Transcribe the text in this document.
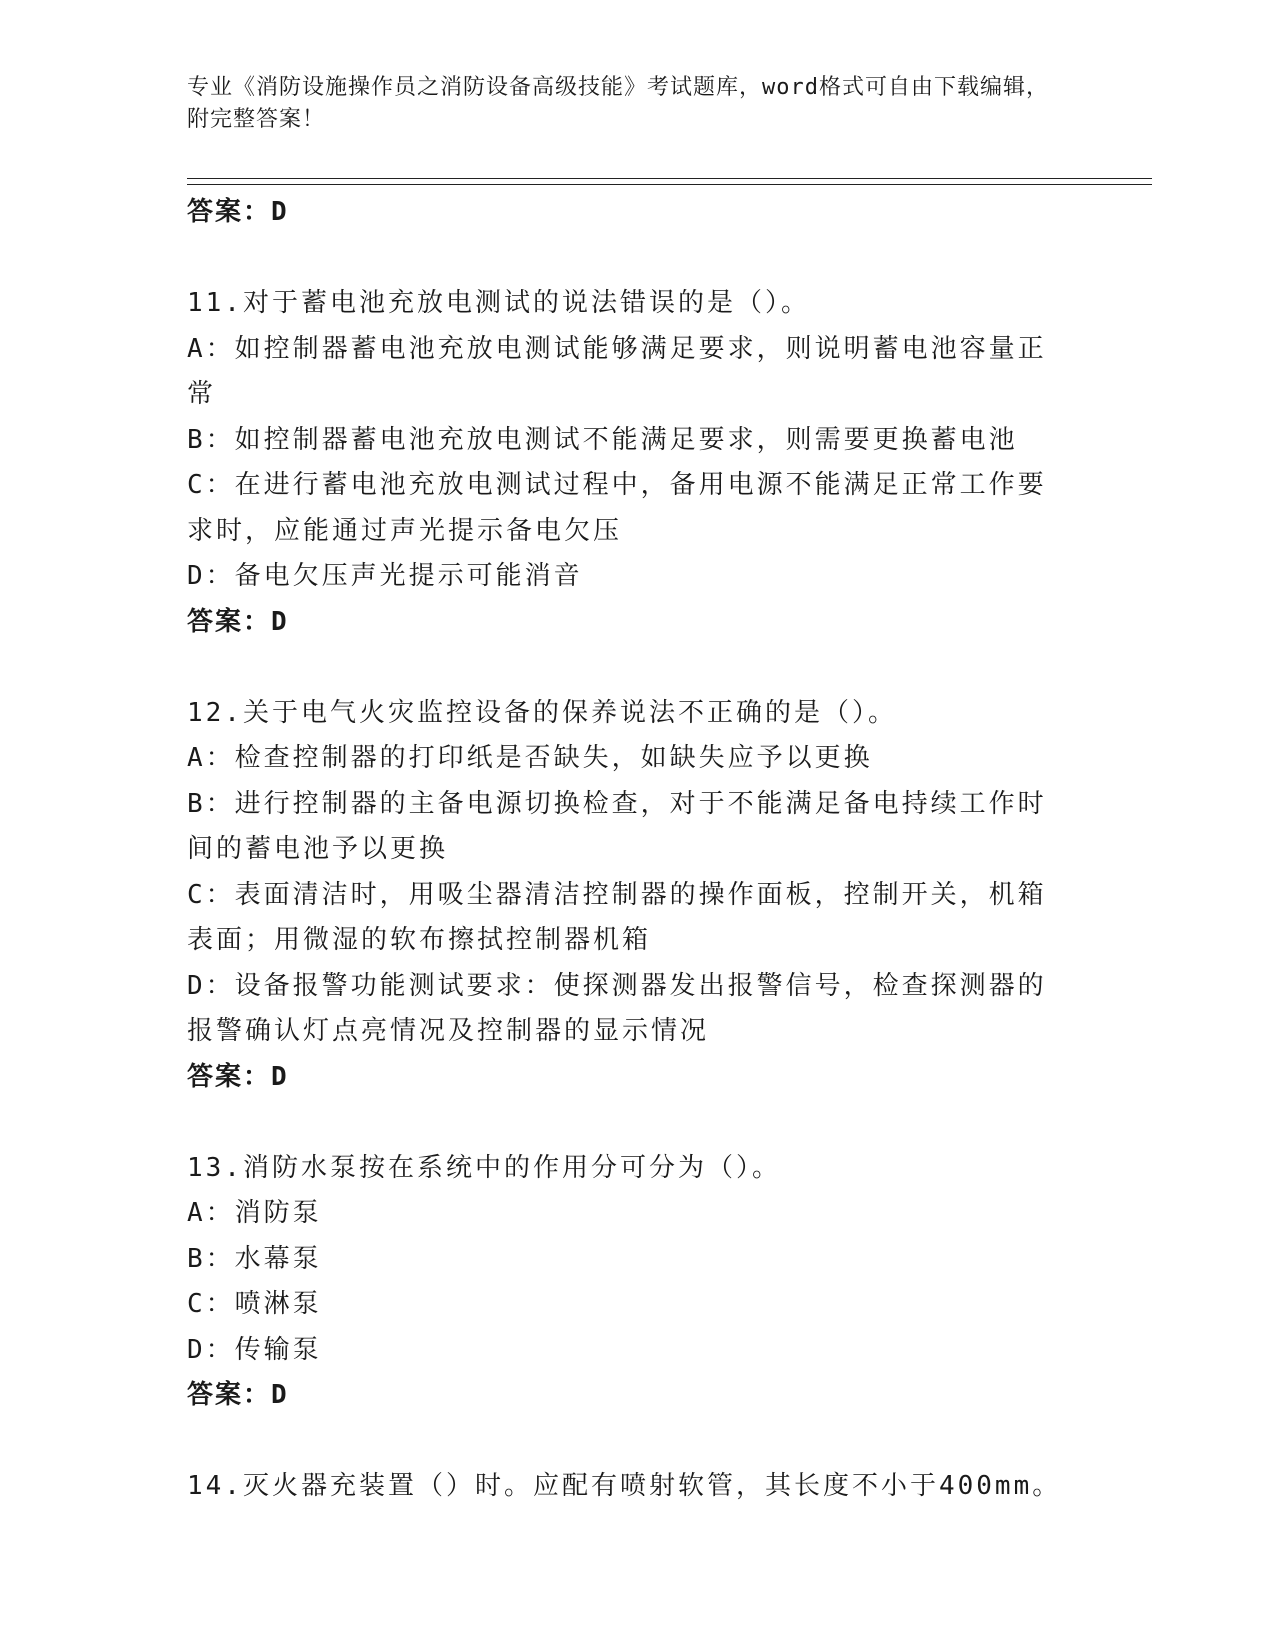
专业《消防设施操作员之消防设备高级技能》考试题库，word格式可自由下载编辑，附完整答案！
答案：D
11.对于蓄电池充放电测试的说法错误的是（）。
A：如控制器蓄电池充放电测试能够满足要求，则说明蓄电池容量正常
B：如控制器蓄电池充放电测试不能满足要求，则需要更换蓄电池
C：在进行蓄电池充放电测试过程中，备用电源不能满足正常工作要求时，应能通过声光提示备电欠压
D：备电欠压声光提示可能消音
答案：D
12.关于电气火灾监控设备的保养说法不正确的是（）。
A：检查控制器的打印纸是否缺失，如缺失应予以更换
B：进行控制器的主备电源切换检查，对于不能满足备电持续工作时间的蓄电池予以更换
C：表面清洁时，用吸尘器清洁控制器的操作面板，控制开关，机箱表面；用微湿的软布擦拭控制器机箱
D：设备报警功能测试要求：使探测器发出报警信号，检查探测器的报警确认灯点亮情况及控制器的显示情况
答案：D
13.消防水泵按在系统中的作用分可分为（）。
A：消防泵
B：水幕泵
C：喷淋泵
D：传输泵
答案：D
14.灭火器充装置（）时。应配有喷射软管，其长度不小于400mm。
